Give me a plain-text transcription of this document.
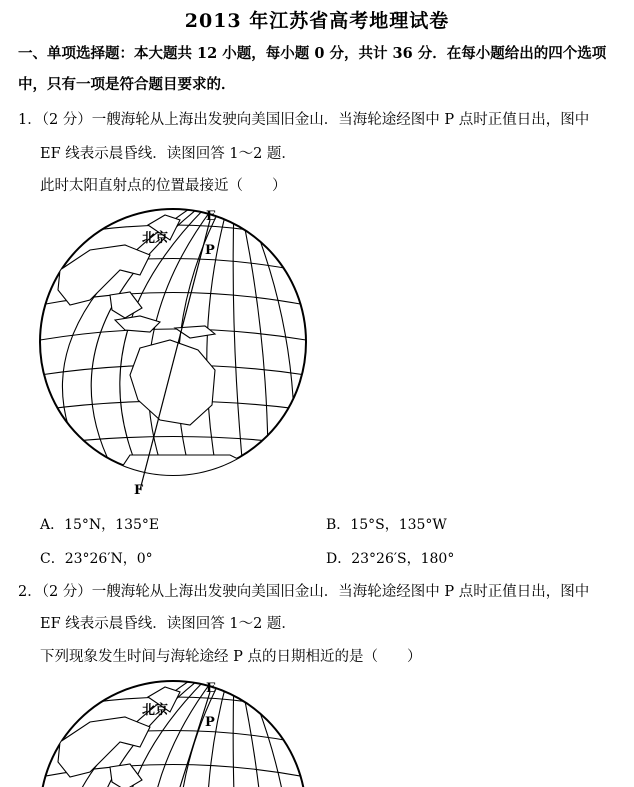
2013 年江苏省高考地理试卷
一、单项选择题：本大题共 12 小题，每小题 0 分，共计 36 分．在每小题给出的四个选项
中，只有一项是符合题目要求的．
1．（2 分）一艘海轮从上海出发驶向美国旧金山．当海轮途经图中 P 点时正值日出，图中
EF 线表示晨昏线．读图回答 1～2 题．
此时太阳直射点的位置最接近（　　）
E
P
F
北京
A．15°N，135°E	B．15°S，135°W
C．23°26′N，0°	D．23°26′S，180°
2．（2 分）一艘海轮从上海出发驶向美国旧金山．当海轮途经图中 P 点时正值日出，图中
EF 线表示晨昏线．读图回答 1～2 题．
下列现象发生时间与海轮途经 P 点的日期相近的是（　　）
E
P
北京
